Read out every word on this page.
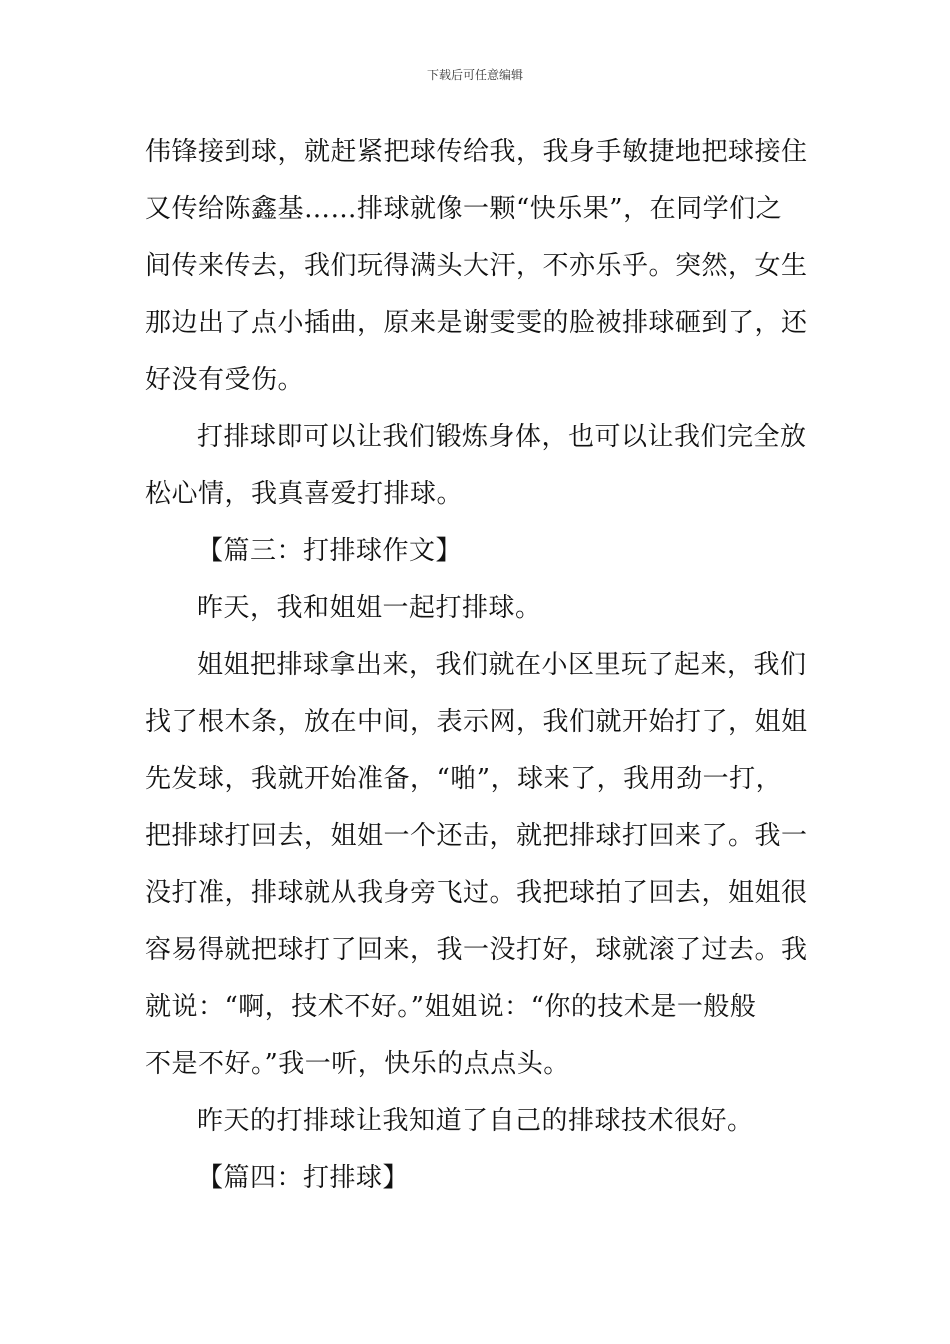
下载后可任意编辑
伟锋接到球，就赶紧把球传给我，我身手敏捷地把球接住
又传给陈鑫基……排球就像一颗“快乐果”，在同学们之
间传来传去，我们玩得满头大汗，不亦乐乎。突然，女生
那边出了点小插曲，原来是谢雯雯的脸被排球砸到了，还
好没有受伤。
打排球即可以让我们锻炼身体，也可以让我们完全放
松心情，我真喜爱打排球。
【篇三：打排球作文】
昨天，我和姐姐一起打排球。
姐姐把排球拿出来，我们就在小区里玩了起来，我们
找了根木条，放在中间，表示网，我们就开始打了，姐姐
先发球，我就开始准备，“啪”，球来了，我用劲一打，
把排球打回去，姐姐一个还击，就把排球打回来了。我一
没打准，排球就从我身旁飞过。我把球拍了回去，姐姐很
容易得就把球打了回来，我一没打好，球就滚了过去。我
就说：“啊，技术不好。”姐姐说：“你的技术是一般般
不是不好。”我一听，快乐的点点头。
昨天的打排球让我知道了自己的排球技术很好。
【篇四：打排球】
